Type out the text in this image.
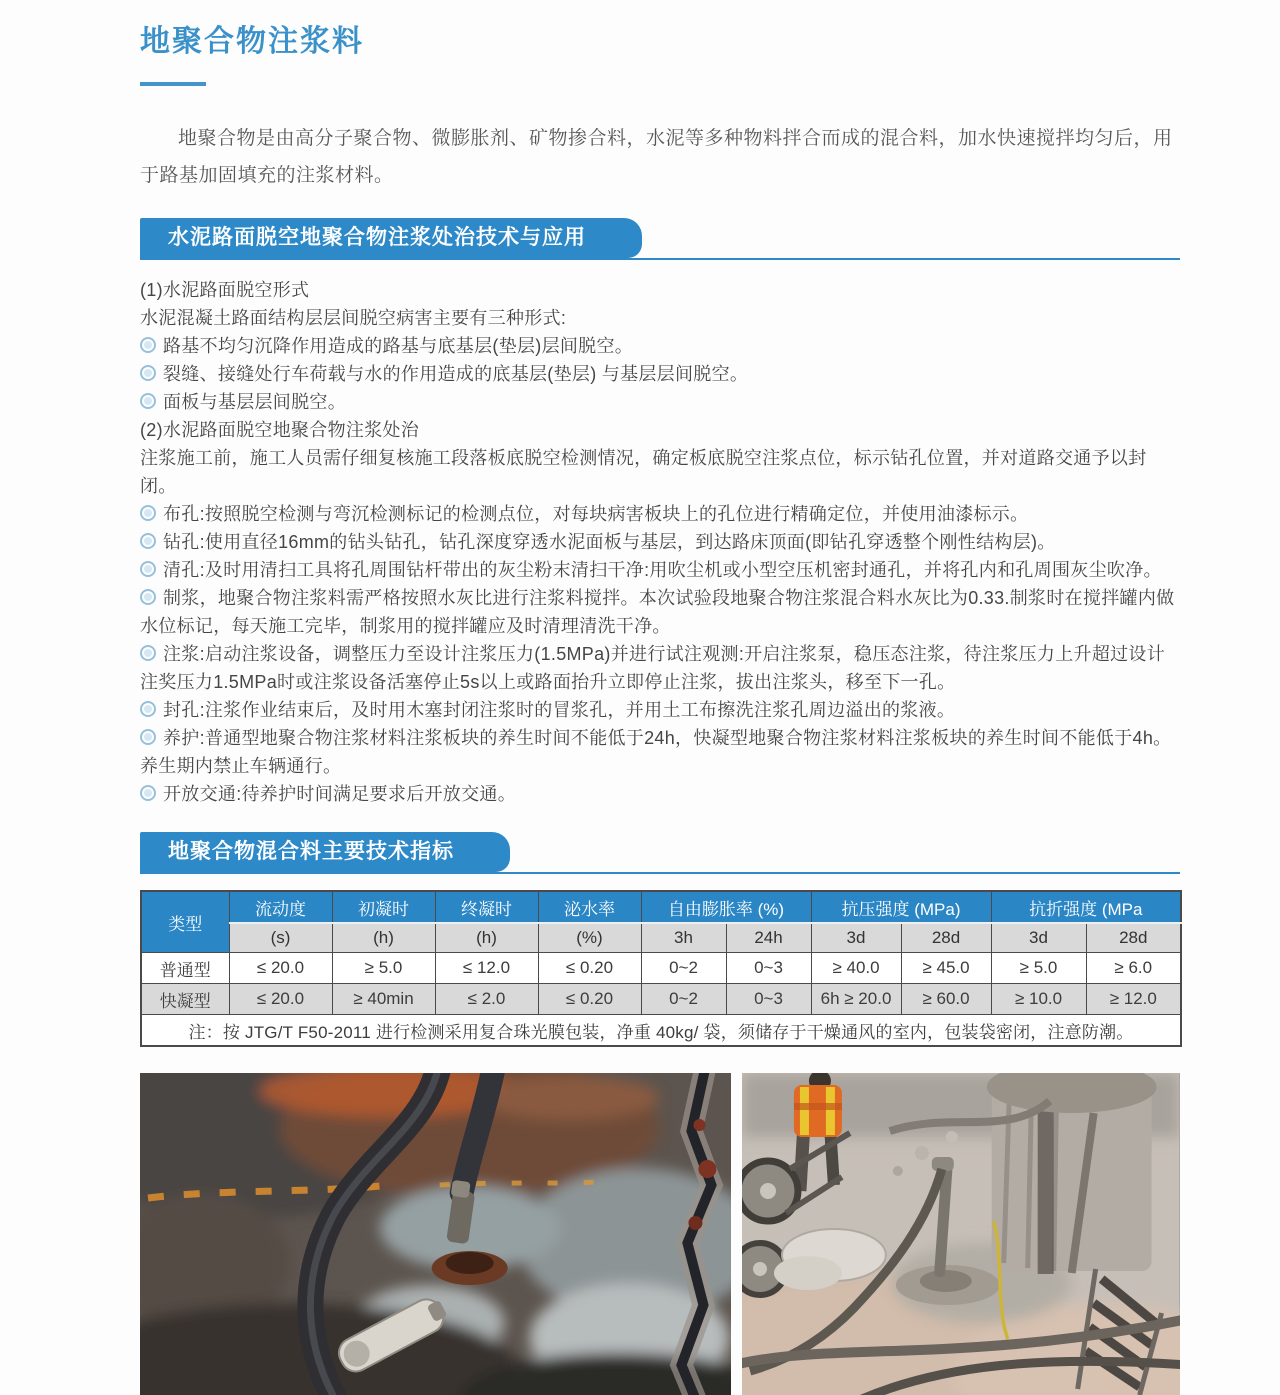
地聚合物注浆料

地聚合物是由高分子聚合物、微膨胀剂、矿物掺合料，水泥等多种物料拌合而成的混合料，加水快速搅拌均匀后，用于路基加固填充的注浆材料。

水泥路面脱空地聚合物注浆处治技术与应用

(1)水泥路面脱空形式

水泥混凝土路面结构层层间脱空病害主要有三种形式:

路基不均匀沉降作用造成的路基与底基层(垫层)层间脱空。

裂缝、接缝处行车荷载与水的作用造成的底基层(垫层) 与基层层间脱空。

面板与基层层间脱空。

(2)水泥路面脱空地聚合物注浆处治

注浆施工前，施工人员需仔细复核施工段落板底脱空检测情况，确定板底脱空注浆点位，标示钻孔位置，并对道路交通予以封闭。

布孔:按照脱空检测与弯沉检测标记的检测点位，对每块病害板块上的孔位进行精确定位，并使用油漆标示。

钻孔:使用直径16mm的钻头钻孔，钻孔深度穿透水泥面板与基层，到达路床顶面(即钻孔穿透整个刚性结构层)。

清孔:及时用清扫工具将孔周围钻杆带出的灰尘粉末清扫干净:用吹尘机或小型空压机密封通孔，并将孔内和孔周围灰尘吹净。

制浆，地聚合物注浆料需严格按照水灰比进行注浆料搅拌。本次试验段地聚合物注浆混合料水灰比为0.33.制浆时在搅拌罐内做水位标记，每天施工完毕，制浆用的搅拌罐应及时清理清洗干净。

注浆:启动注浆设备，调整压力至设计注浆压力(1.5MPa)并进行试注观测:开启注浆泵，稳压态注浆，待注浆压力上升超过设计注奖压力1.5MPa时或注浆设备活塞停止5s以上或路面抬升立即停止注浆，拔出注浆头，移至下一孔。

封孔:注浆作业结束后，及时用木塞封闭注浆时的冒浆孔，并用土工布擦洗注浆孔周边溢出的浆液。

养护:普通型地聚合物注浆材料注浆板块的养生时间不能低于24h，快凝型地聚合物注浆材料注浆板块的养生时间不能低于4h。养生期内禁止车辆通行。

开放交通:待养护时间满足要求后开放交通。

地聚合物混合料主要技术指标
类型	流动度	初凝时	终凝时	泌水率	自由膨胀率 (%)		抗压强度 (MPa)		抗折强度 (MPa	
	(s)	(h)	(h)	(%)	3h	24h	3d	28d	3d	28d
普通型	≤ 20.0	≥ 5.0	≤ 12.0	≤ 0.20	0~2	0~3	≥ 40.0	≥ 45.0	≥ 5.0	≥ 6.0
快凝型	≤ 20.0	≥ 40min	≤ 2.0	≤ 0.20	0~2	0~3	6h ≥ 20.0	≥ 60.0	≥ 10.0	≥ 12.0
注：按 JTG/T F50-2011 进行检测采用复合珠光膜包装，净重 40kg/ 袋，须储存于干燥通风的室内，包装袋密闭，注意防潮。										
